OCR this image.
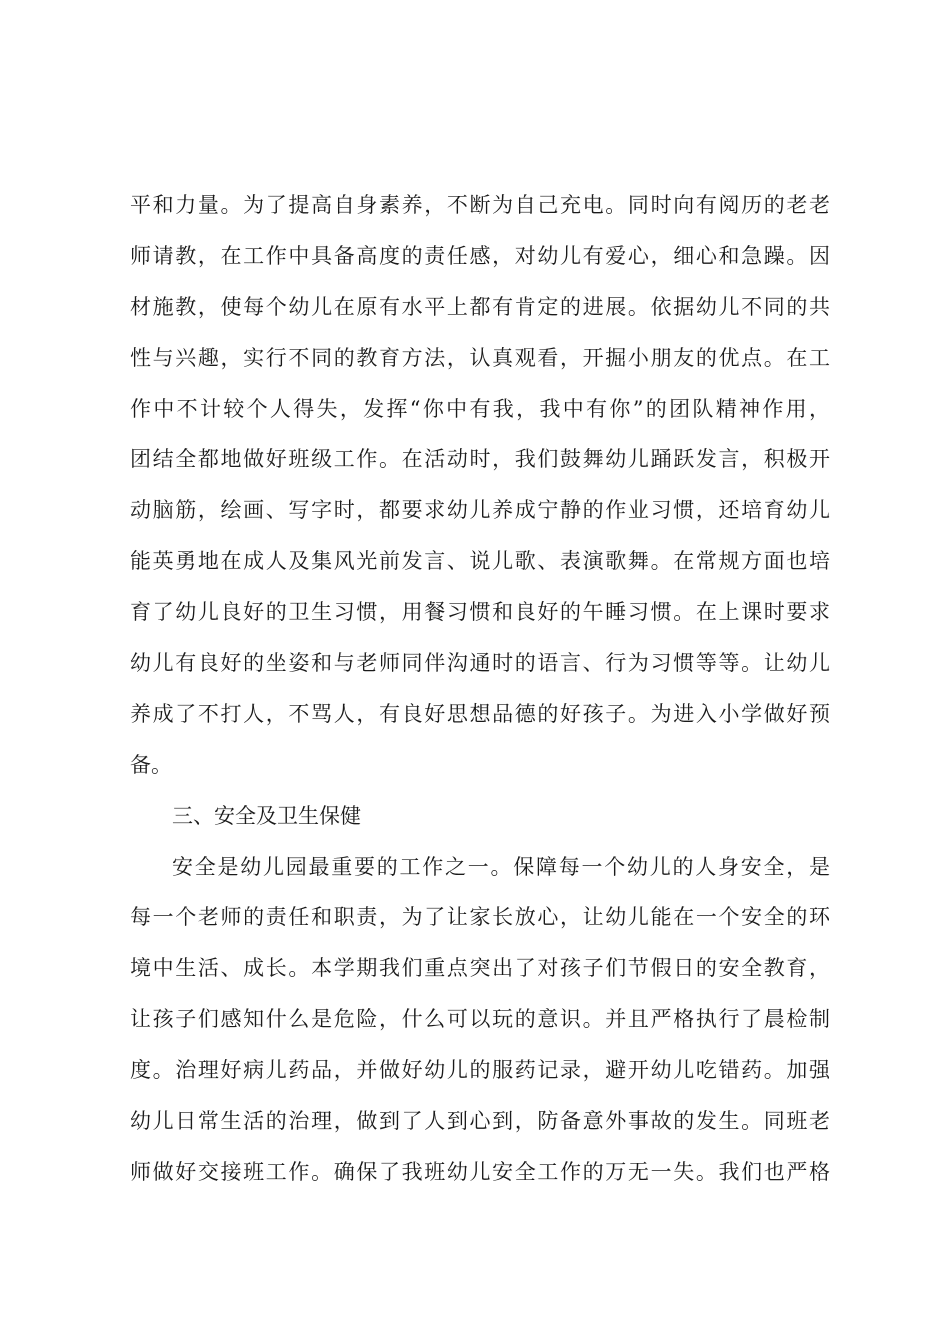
平和力量。为了提高自身素养，不断为自己充电。同时向有阅历的老老
师请教，在工作中具备高度的责任感，对幼儿有爱心，细心和急躁。因
材施教，使每个幼儿在原有水平上都有肯定的进展。依据幼儿不同的共
性与兴趣，实行不同的教育方法，认真观看，开掘小朋友的优点。在工
作中不计较个人得失，发挥“你中有我，我中有你”的团队精神作用，
团结全都地做好班级工作。在活动时，我们鼓舞幼儿踊跃发言，积极开
动脑筋，绘画、写字时，都要求幼儿养成宁静的作业习惯，还培育幼儿
能英勇地在成人及集风光前发言、说儿歌、表演歌舞。在常规方面也培
育了幼儿良好的卫生习惯，用餐习惯和良好的午睡习惯。在上课时要求
幼儿有良好的坐姿和与老师同伴沟通时的语言、行为习惯等等。让幼儿
养成了不打人，不骂人，有良好思想品德的好孩子。为进入小学做好预
备。
三、安全及卫生保健
安全是幼儿园最重要的工作之一。保障每一个幼儿的人身安全，是
每一个老师的责任和职责，为了让家长放心，让幼儿能在一个安全的环
境中生活、成长。本学期我们重点突出了对孩子们节假日的安全教育，
让孩子们感知什么是危险，什么可以玩的意识。并且严格执行了晨检制
度。治理好病儿药品，并做好幼儿的服药记录，避开幼儿吃错药。加强
幼儿日常生活的治理，做到了人到心到，防备意外事故的发生。同班老
师做好交接班工作。确保了我班幼儿安全工作的万无一失。我们也严格
